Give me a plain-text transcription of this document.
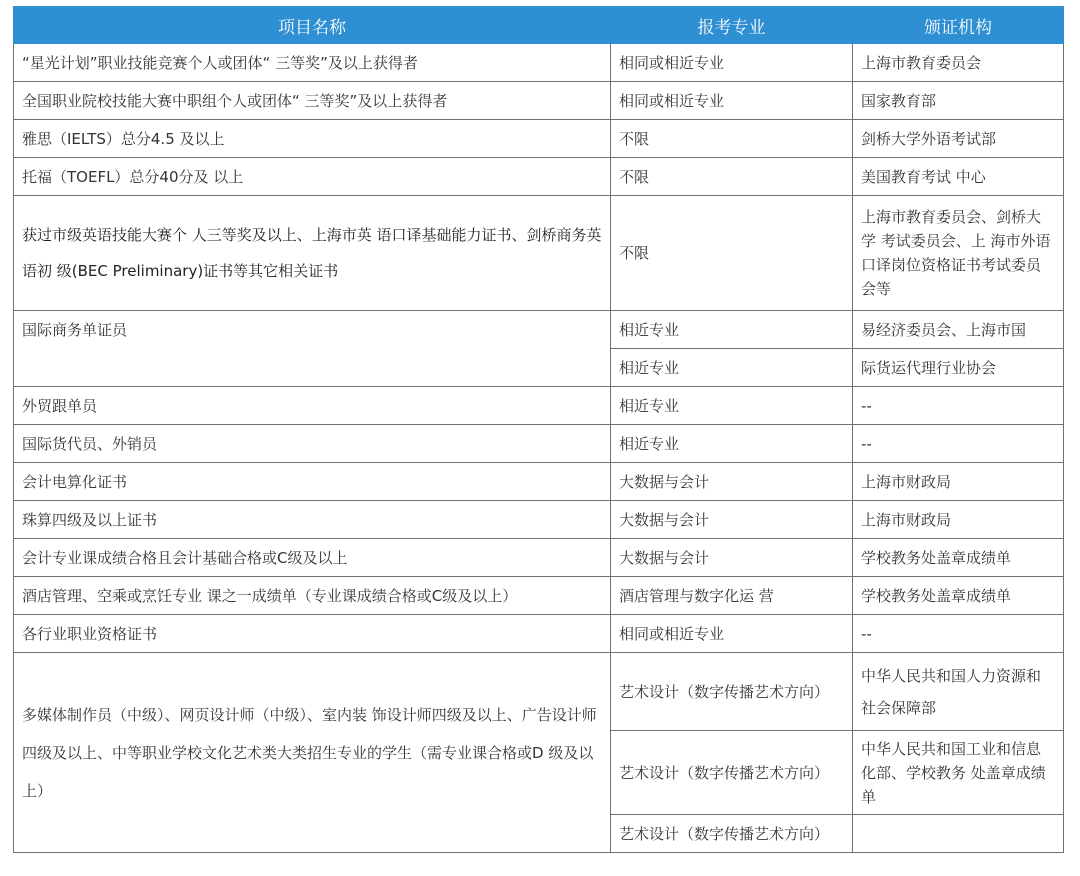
项目名称	报考专业	颁证机构
“星光计划”职业技能竞赛个人或团体“ 三等奖”及以上获得者	相同或相近专业	上海市教育委员会
全国职业院校技能大赛中职组个人或团体“ 三等奖”及以上获得者	相同或相近专业	国家教育部
雅思（IELTS）总分4.5 及以上	不限	剑桥大学外语考试部
托福（TOEFL）总分40分及 以上	不限	美国教育考试 中心
获过市级英语技能大赛个 人三等奖及以上、上海市英 语口译基础能力证书、剑桥商务英语初 级(BEC Preliminary)证书等其它相关证书	不限	上海市教育委员会、剑桥大学 考试委员会、上 海市外语口译岗位资格证书考试委员会等
国际商务单证员	相近专业	易经济委员会、上海市国
	相近专业	际货运代理行业协会
外贸跟单员	相近专业	--
国际货代员、外销员	相近专业	--
会计电算化证书	大数据与会计	上海市财政局
珠算四级及以上证书	大数据与会计	上海市财政局
会计专业课成绩合格且会计基础合格或C级及以上	大数据与会计	学校教务处盖章成绩单
酒店管理、空乘或烹饪专业 课之一成绩单（专业课成绩合格或C级及以上）	酒店管理与数字化运 营	学校教务处盖章成绩单
各行业职业资格证书	相同或相近专业	--
多媒体制作员（中级）、网页设计师（中级）、室内装 饰设计师四级及以上、广告设计师四级及以上、中等职业学校文化艺术类大类招生专业的学生（需专业课合格或D 级及以上）	艺术设计（数字传播艺术方向）	中华人民共和国人力资源和社会保障部
	艺术设计（数字传播艺术方向）	中华人民共和国工业和信息化部、学校教务 处盖章成绩单
	艺术设计（数字传播艺术方向）	
